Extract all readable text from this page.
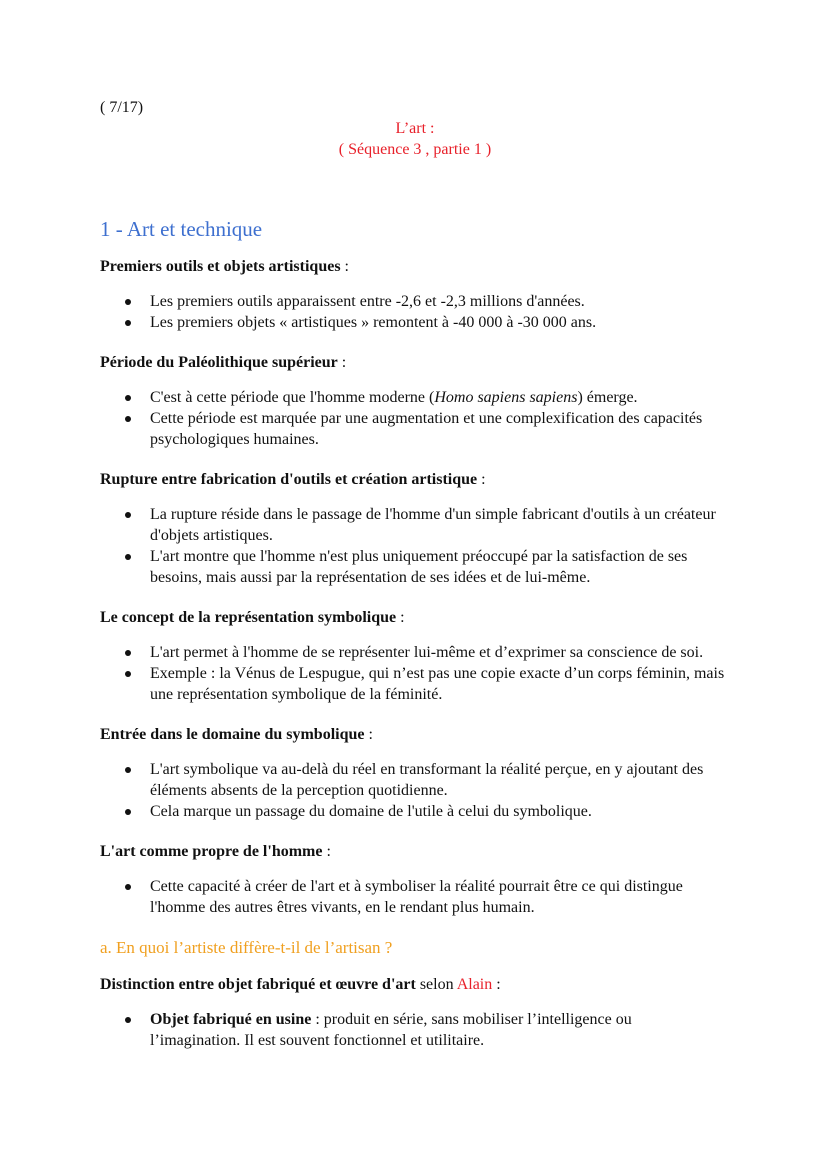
( 7/17)
L’art :
( Séquence 3 , partie 1 )
1 - Art et technique
Premiers outils et objets artistiques :
Les premiers outils apparaissent entre -2,6 et -2,3 millions d'années.
Les premiers objets « artistiques » remontent à -40 000 à -30 000 ans.
Période du Paléolithique supérieur :
C'est à cette période que l'homme moderne (Homo sapiens sapiens) émerge.
Cette période est marquée par une augmentation et une complexification des capacités psychologiques humaines.
Rupture entre fabrication d'outils et création artistique :
La rupture réside dans le passage de l'homme d'un simple fabricant d'outils à un créateur d'objets artistiques.
L'art montre que l'homme n'est plus uniquement préoccupé par la satisfaction de ses besoins, mais aussi par la représentation de ses idées et de lui-même.
Le concept de la représentation symbolique :
L'art permet à l'homme de se représenter lui-même et d’exprimer sa conscience de soi.
Exemple : la Vénus de Lespugue, qui n’est pas une copie exacte d’un corps féminin, mais une représentation symbolique de la féminité.
Entrée dans le domaine du symbolique :
L'art symbolique va au-delà du réel en transformant la réalité perçue, en y ajoutant des éléments absents de la perception quotidienne.
Cela marque un passage du domaine de l'utile à celui du symbolique.
L'art comme propre de l'homme :
Cette capacité à créer de l'art et à symboliser la réalité pourrait être ce qui distingue l'homme des autres êtres vivants, en le rendant plus humain.
a. En quoi l’artiste diffère-t-il de l’artisan ?
Distinction entre objet fabriqué et œuvre d'art selon Alain :
Objet fabriqué en usine : produit en série, sans mobiliser l’intelligence ou l’imagination. Il est souvent fonctionnel et utilitaire.
